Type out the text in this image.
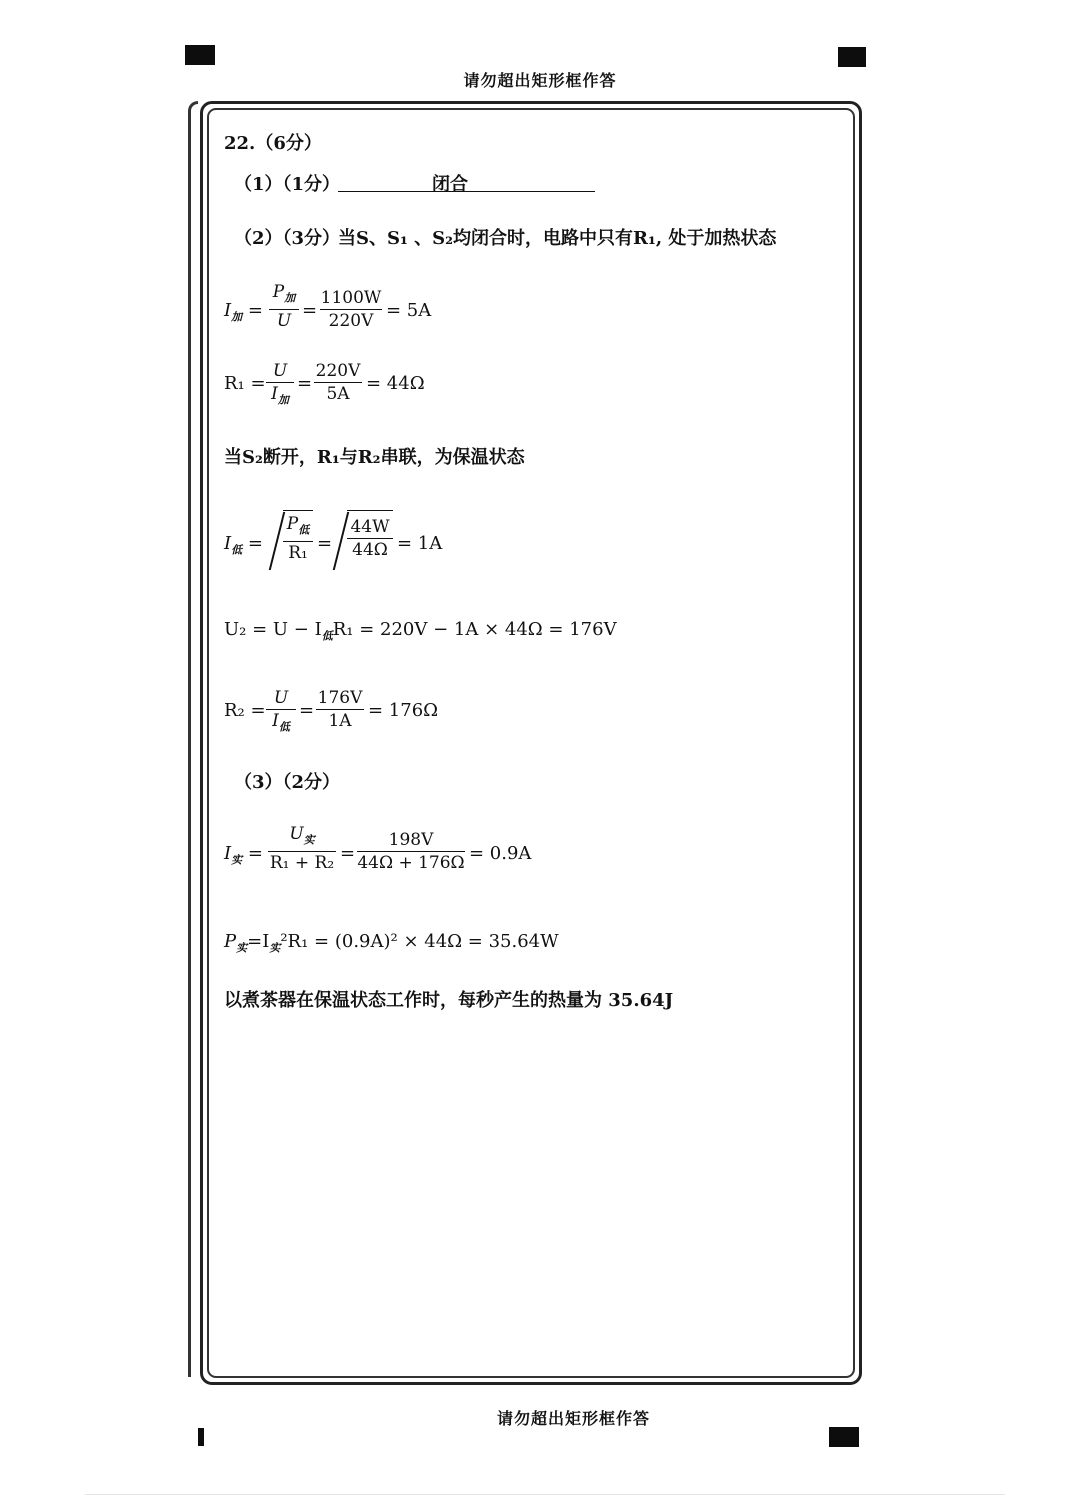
请勿超出矩形框作答
请勿超出矩形框作答
22.（6分）
（1）（1分）	闭合
（2）（3分）
当S、S₁ 、S₂均闭合时，电路中只有R₁, 处于加热状态
$I_加$ =
$P_加$
U
=
1100W
220V = 5A
R₁ =
U
$I_加$
=
220V
5A = 44Ω
当S₂断开，R₁与R₂串联，为保温状态
$I_低$ =
$P_低$
R₁ =
44W
44Ω = 1A
$U_2 = U - I_低R_1 = 220V - 1A \times 44\Omega = 176V$
R₂ =
U
$I_低$
=
176V
1A = 176Ω
（3）（2分）
$I_实$ =
$U_实$
R₁ + R₂ =
198V
44Ω + 176Ω = 0.9A
$P_实=I_实^2R_1 = (0.9A)^2 \times 44\Omega = 35.64W$
以煮茶器在保温状态工作时，每秒产生的热量为 35.64J
